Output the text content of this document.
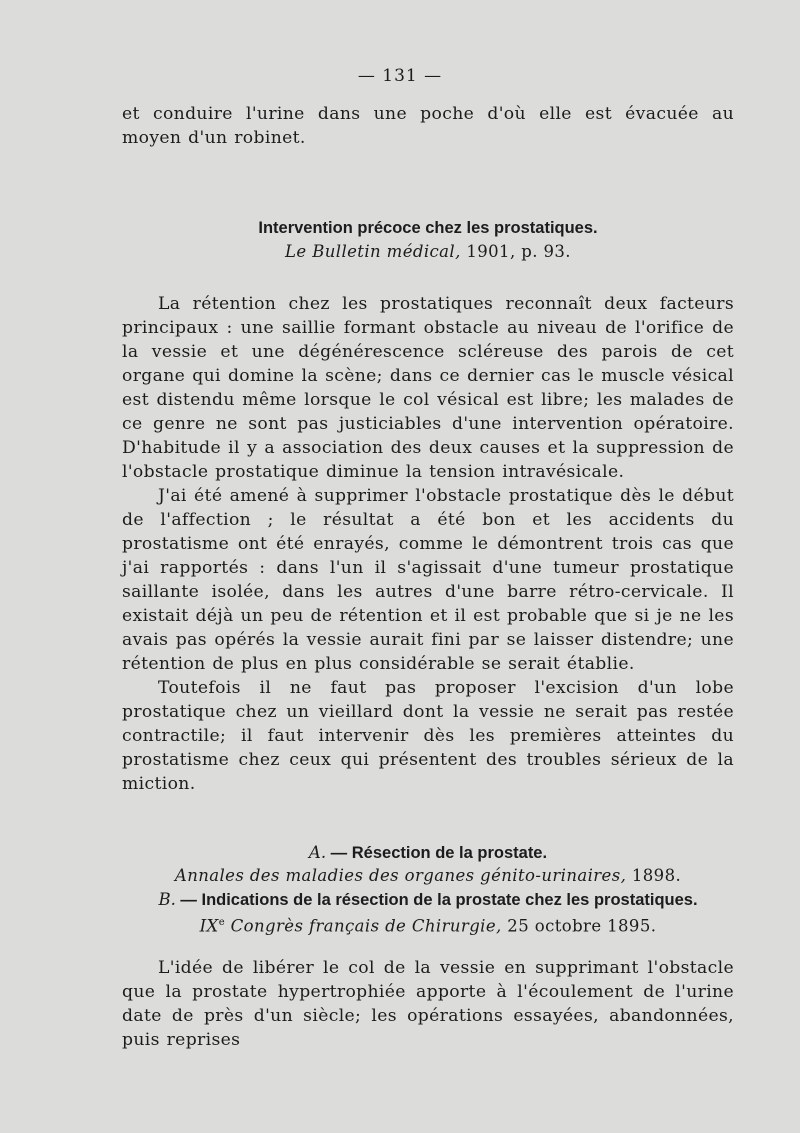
— 131 —
et conduire l'urine dans une poche d'où elle est évacuée au moyen d'un robinet.
Intervention précoce chez les prostatiques.
Le Bulletin médical, 1901, p. 93.
La rétention chez les prostatiques reconnaît deux facteurs principaux : une saillie formant obstacle au niveau de l'orifice de la vessie et une dégénérescence scléreuse des parois de cet organe qui domine la scène; dans ce dernier cas le muscle vésical est distendu même lorsque le col vésical est libre; les malades de ce genre ne sont pas justiciables d'une intervention opératoire. D'habitude il y a association des deux causes et la suppression de l'obstacle prostatique diminue la tension intravésicale.
J'ai été amené à supprimer l'obstacle prostatique dès le début de l'affection ; le résultat a été bon et les accidents du prostatisme ont été enrayés, comme le démontrent trois cas que j'ai rapportés : dans l'un il s'agissait d'une tumeur prostatique saillante isolée, dans les autres d'une barre rétro-cervicale. Il existait déjà un peu de rétention et il est probable que si je ne les avais pas opérés la vessie aurait fini par se laisser distendre; une rétention de plus en plus considérable se serait établie.
Toutefois il ne faut pas proposer l'excision d'un lobe prostatique chez un vieillard dont la vessie ne serait pas restée contractile; il faut intervenir dès les premières atteintes du prostatisme chez ceux qui présentent des troubles sérieux de la miction.
A. — Résection de la prostate.
Annales des maladies des organes génito-urinaires, 1898.
B. — Indications de la résection de la prostate chez les prostatiques.
IXe Congrès français de Chirurgie, 25 octobre 1895.
L'idée de libérer le col de la vessie en supprimant l'obstacle que la prostate hypertrophiée apporte à l'écoulement de l'urine date de près d'un siècle; les opérations essayées, abandonnées, puis reprises
